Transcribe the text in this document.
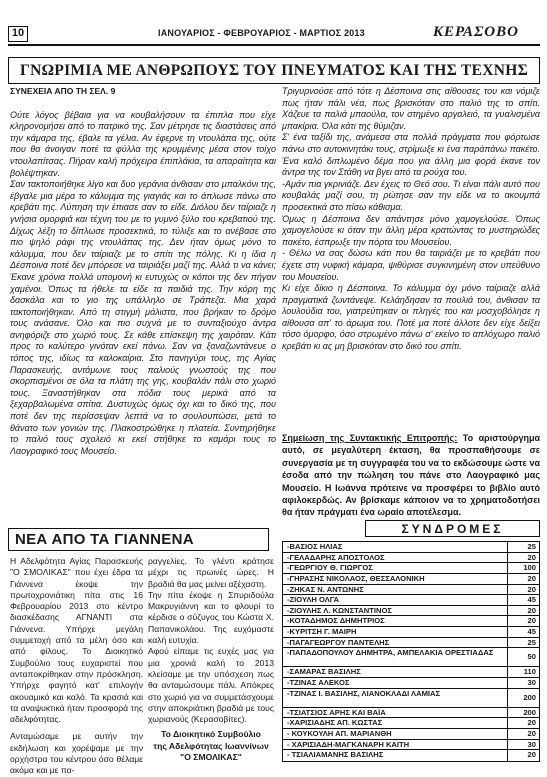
10	ΙΑΝΟΥΑΡΙΟΣ - ΦΕΒΡΟΥΑΡΙΟΣ - ΜΑΡΤΙΟΣ 2013	ΚΕΡΑΣΟΒΟ
ΓΝΩΡΙΜΙΑ ΜΕ ΑΝΘΡΩΠΟΥΣ ΤΟΥ ΠΝΕΥΜΑΤΟΣ ΚΑΙ ΤΗΣ ΤΕΧΝΗΣ
ΣΥΝΕΧΕΙΑ ΑΠΟ ΤΗ ΣΕΛ. 9

Ούτε λόγος βέβαια για να κουβαλήσουν τα έπιπλα που είχε κληρονομήσει από το πατρικό της. Σαν μέτρησε τις διαστάσεις από την κάμαρα της, έβαλε τα γέλια. Αν έφερνε τη ντουλάπα της, ούτε που θα άνοιγαν ποτέ τα φύλλα της κρυμμένης μέσα στον τοίχο ντουλαπίτσας. Πήραν καλή πρόχειρα έπιπλάκια, τα απαραίτητα και βολέψτηκαν.

Σαν τακτοποιήθηκε λίγο και δυο γεράνια άνθισαν στο μπαλκόνι της, έβγαλε μια μέρα το κάλυμμα της γιαγιάς και το άπλωσε πάνω στο κρεβάτι της. Λύπηση την έπιασε σαν το είδε. Διόλου δεν ταίριαζε η γνήσια ομορφιά και τέχνη του με το γυμνό ξύλο του κρεβατιού της. Δίχως λέξη το δίπλωσε προσεκτικά, το τύλιξε και το ανέβασε στο πιο ψηλό ράφι της ντουλάπας της. Δεν ήταν όμως μόνο το κάλυμμα, που δεν ταίριαζε με το σπίτι της πόλης. Κι η ίδια η Δέσποινα ποτέ δεν μπόρεσε να ταιριάξει μαζί της. Αλλά τι να κάνει; Έκανε χρόνια πολλά υπομονή κι ευτυχώς οι κόποι της δεν πήγαν χαμένοι. Όπως τα ήθελε τα είδε τα παιδιά της. Την κόρη της δασκάλα και το γιο της υπάλληλο σε Τράπεζα. Μια χαρά τακτοποιήθηκαν. Από τη στιγμή μάλιστα, που βρήκαν το δρόμο τους ανάσανε. Όλο και πιο συχνά με το συνταξιούχο άντρα ανηφόριζε στο χωριό τους. Σε κάθε επίσκεψη της χαιρόταν. Κάτι προς το καλύτερο γινόταν εκεί πάνω. Σαν να ξαναζωντάνευε ο τόπος της, ιδίως τα καλοκαίρια. Στο πανηγύρι τους, της Αγίας Παρασκευής, αντάμωνε τους παλιούς γνωστούς της που σκορπισμένοι σε όλα τα πλάτη της γης, κουβαλάν πάλι στο χωριό τους. Ξαναστήθηκαν στα πόδια τους μερικά από τα ξεχαρβαλωμένα σπίτια. Δυστυχώς όμως όχι και το δικό της, που ποτέ δεν της περίσσεψαν λεπτά να το σουλουπώσει, μετά το θάνατο των γονιών της. Πλακοστρώθηκε η πλατεία. Συντηρήθηκε το παλιό τους σχολειό κι εκεί στήθηκε το καμάρι τους το Λαογραφικό τους Μουσείο.

Τριγυρνούσε από τότε η Δέσποινα στις αίθουσες του και νόμιζε πως ήταν πάλι νέα, πως βρισκόταν στο παλιό της το σπίτι. Χάζευε τα παλιά μπαούλα, τον στημένο αργαλειό, τα γυαλισμένα μπακίρια. Όλα κάτι της θύμιζαν.

Σ' ένα ταξίδι της, ανάμεσα στα πολλά πράγματα που φόρτωσε πάνω στο αυτοκινητάκι τους, στρίμωξε κι ένα παράπάνω πακέτο. Ένα καλό διπλωμένο δέμα που για άλλη μια φορά έκανε τον άντρα της τον Στάθη να βγει από τα ρούχα του.

-Αμάν πια γκρινιάζε. Δεν έχεις το Θεό σου. Τι είναι πάλι αυτό που κουβαλάς μαζί σου, τη ρώτησε σαν την είδε να το ακουμπά προσεκτικά στο πίσω κάθισμα.

Όμως η Δέσποινα δεν απάντησε μόνο χαμογελούσε. Όπως χαμογελούσε κι όταν την άλλη μέρα κρατώντας το μυστηριώδες πακέτο, έσπρωξε την πόρτα του Μουσείου.

- Θέλω να σας δώσω κάτι που θα ταιριάζει με το κρεβάτι που έχετε στη νυφική κάμαρα, ψιθύρισε συγκινημένη στον υπεύθυνο του Μουσείου.

Κι είχε δίκιο η Δέσποινα. Το κάλυμμα όχι μόνο ταίριαζε αλλά πραγματικά ζωντάνεψε. Κελάηδησαν τα πουλιά του, άνθισαν τα λουλούδια του, γιατρεύτηκαν οι πληγές του και μοσχοβόλησε η αίθουσα απ' το άρωμα του. Ποτέ μα ποτέ άλλοτε δεν είχε δείξει τόσο όμορφο, όσο στρωμένο πάνω σ' εκείνο το απλόχωρο παλιό κρεβάτι κι ας μη βρισκόταν στο δικό του σπίτι.

Σημείωση της Συντακτικής Επιτροπής: Το αριστούργημα αυτό, σε μεγαλύτερη έκταση, θα προσπαθήσουμε σε συνεργασία με τη συγγραφέα του να το εκδώσουμε ώστε να έσοδα από την πώληση του πάνε στο Λαογραφικό μας Μουσείο. Η Ιωάννα πρότεινε να προσφέρει το βιβλίο αυτό αφιλοκερδώς. Αν βρίσκαμε κάποιον να το χρηματοδοτήσει θα ήταν πράγματι ένα ωραίο αποτέλεσμα.
ΝΕΑ ΑΠΟ ΤΑ ΓΙΑΝΝΕΝΑ

Η Αδελφότητα Αγίας Παρασκευής "Ο ΣΜΟΛΙΚΑΣ" που έχει έδρα τα Γιάννενα έκοψε την πρωτοχρονιάτικη πίτα στις 16 Φεβρουαρίου 2013 στο κέντρο διασκέδασης ΑΓΝΑΝΤΙ στα Γιάννενα. Υπήρχε μεγάλη συμμετοχή από τα μέλη όσο και από φίλους. Το Διοικητικό Συμβούλιο τους ευχαριστεί που ανταποκρίθηκαν στην πρόσκληση. Υπήρχε φαγητό κατ' επιλογήν ακουαμικό και καλό. Τα κρασιά και τα αναψυκτικά ήταν προσφορά της αδελφότητας.

Ανταμώσαμε με αυτήν την εκδήλωση και χορέψαμε με την ορχήστρα του κέντρου όσο θέλαμε ακόμα και με πα-

ραγγελίες. Το γλέντι κράτησε μέχρι τις πρωινές ώρες. Η βραδιά θα μας μείνει αξέχαστη.

Την πίτα έκοψε η Σπυριδούλα Μακρυγιάννη και το φλουρί το κέρδισε ο σύζυγος του Κώστα Χ. Παπανικολάου. Της ευχόμαστε καλή ευτυχία.

Αφού είπαμε τις ευχές μας για μια χρονιά καλή το 2013 κλείσαμε με την υπόσχεση πως θα ανταμώσουμε πάλι. Απόκρες στο χωριό για να συμμετάσχουμε στην αποκριάτικη βραδιά με τους χωριανούς (Κερασοβίτες).

Το Διοικητικό Συμβούλιο
της Αδελφότητας Ιωαννίνων
"Ο ΣΜΟΛΙΚΑΣ"
ΣΥΝΔΡΟΜΕΣ
-ΒΑΣΙΟΣ ΗΛΙΑΣ	25
-ΓΕΛΑΔΑΡΗΣ ΑΠΟΣΤΟΛΟΣ	20
-ΓΕΩΡΓΙΟΥ Θ. ΓΙΩΡΓΟΣ	100
-ΓΗΡΑΣΗΣ ΝΙΚΟΛΑΟΣ, ΘΕΣΣΑΛΟΝΙΚΗ	20
-ΖΗΚΑΣ Ν. ΑΝΤΩΝΗΣ	20
-ΖΙΟΥΛΗ ΟΛΓΑ	45
-ΖΙΟΥΛΗΣ Λ. ΚΩΝΣΤΑΝΤΙΝΟΣ	20
-ΚΟΤΑΔΗΜΟΣ ΔΗΜΗΤΡΙΟΣ	20
-ΚΥΡΙΤΣΗ Γ. ΜΑΙΡΗ	45
-ΠΑΓΑΓΕΩΡΓΟΥ ΠΑΝΤΕΛΗΣ	25
-ΠΑΠΑΔΟΠΟΥΛΟΥ ΔΗΜΗΤΡΑ, ΑΜΠΕΛΑΚΙΑ ΟΡΕΣΤΙΑΔΑΣ	50
-ΣΑΜΑΡΑΣ ΒΑΣΙΛΗΣ	110
-ΤΖΙΝΑΣ ΑΛΕΚΟΣ	30
-ΤΖΙΝΑΣ Ι. ΒΑΣΙΛΗΣ, ΛΙΑΝΟΚΛΑΔΙ ΛΑΜΙΑΣ	200
-ΤΣΙΑΤΣΙΟΣ ΑΡΗΣ ΚΑΙ ΒΑΪΑ	200
-ΧΑΡΙΣΙΑΔΗΣ ΑΠ. ΚΩΣΤΑΣ	20
- ΚΟΥΚΟΥΛΗ ΑΠ. ΜΑΡΙΑΝΘΗ	20
- ΧΑΡΙΣΙΑΔΗ-ΜΑΓΚΑΝΑΡΗ ΚΑΙΤΗ	30
- ΤΣΙΑΛΙΑΜΑΝΗΣ ΒΑΣΙΛΗΣ	20
